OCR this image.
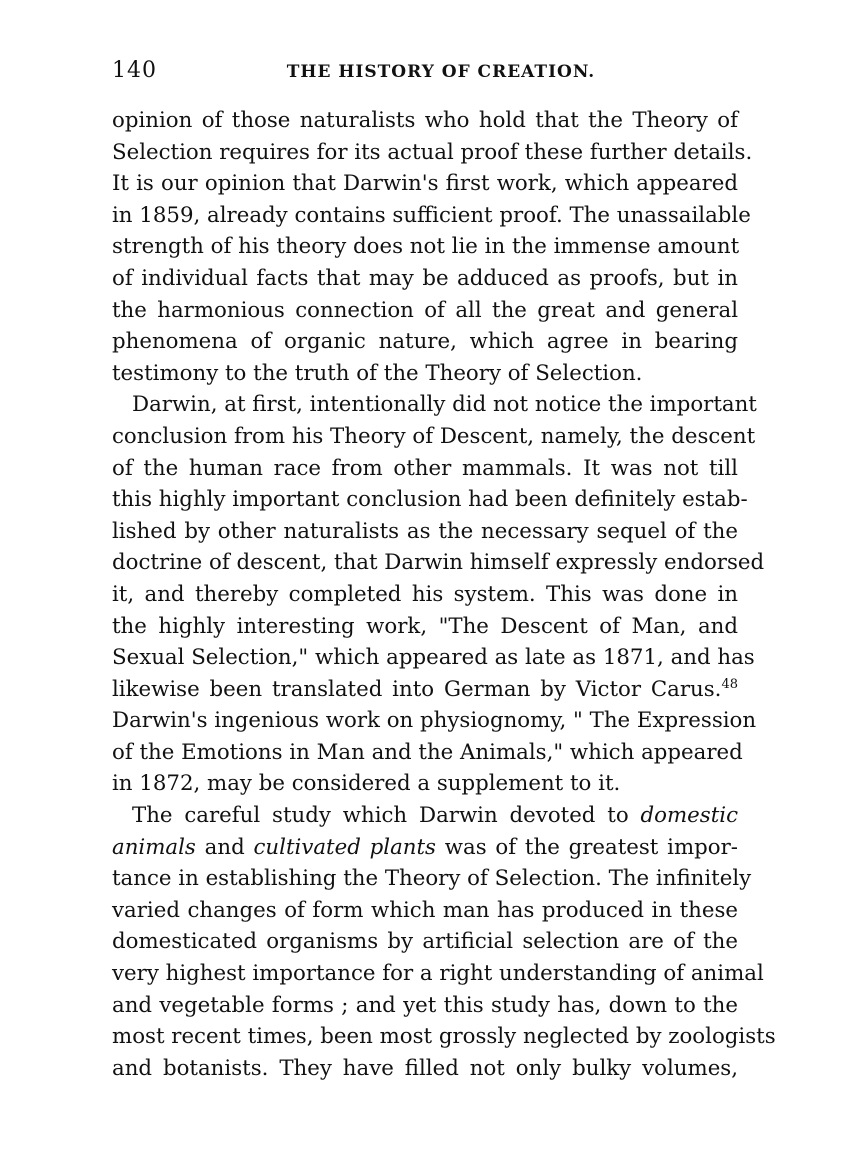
140	THE HISTORY OF CREATION.
opinion of those naturalists who hold that the Theory of
Selection requires for its actual proof these further details.
It is our opinion that Darwin's first work, which appeared
in 1859, already contains sufficient proof. The unassailable
strength of his theory does not lie in the immense amount
of individual facts that may be adduced as proofs, but in
the harmonious connection of all the great and general
phenomena of organic nature, which agree in bearing
testimony to the truth of the Theory of Selection.
Darwin, at first, intentionally did not notice the important
conclusion from his Theory of Descent, namely, the descent
of the human race from other mammals. It was not till
this highly important conclusion had been definitely estab-
lished by other naturalists as the necessary sequel of the
doctrine of descent, that Darwin himself expressly endorsed
it, and thereby completed his system. This was done in
the highly interesting work, "The Descent of Man, and
Sexual Selection," which appeared as late as 1871, and has
likewise been translated into German by Victor Carus.$^{48}$
Darwin's ingenious work on physiognomy, " The Expression
of the Emotions in Man and the Animals," which appeared
in 1872, may be considered a supplement to it.
The careful study which Darwin devoted to domestic
animals and cultivated plants was of the greatest impor-
tance in establishing the Theory of Selection. The infinitely
varied changes of form which man has produced in these
domesticated organisms by artificial selection are of the
very highest importance for a right understanding of animal
and vegetable forms ; and yet this study has, down to the
most recent times, been most grossly neglected by zoologists
and botanists. They have filled not only bulky volumes,
